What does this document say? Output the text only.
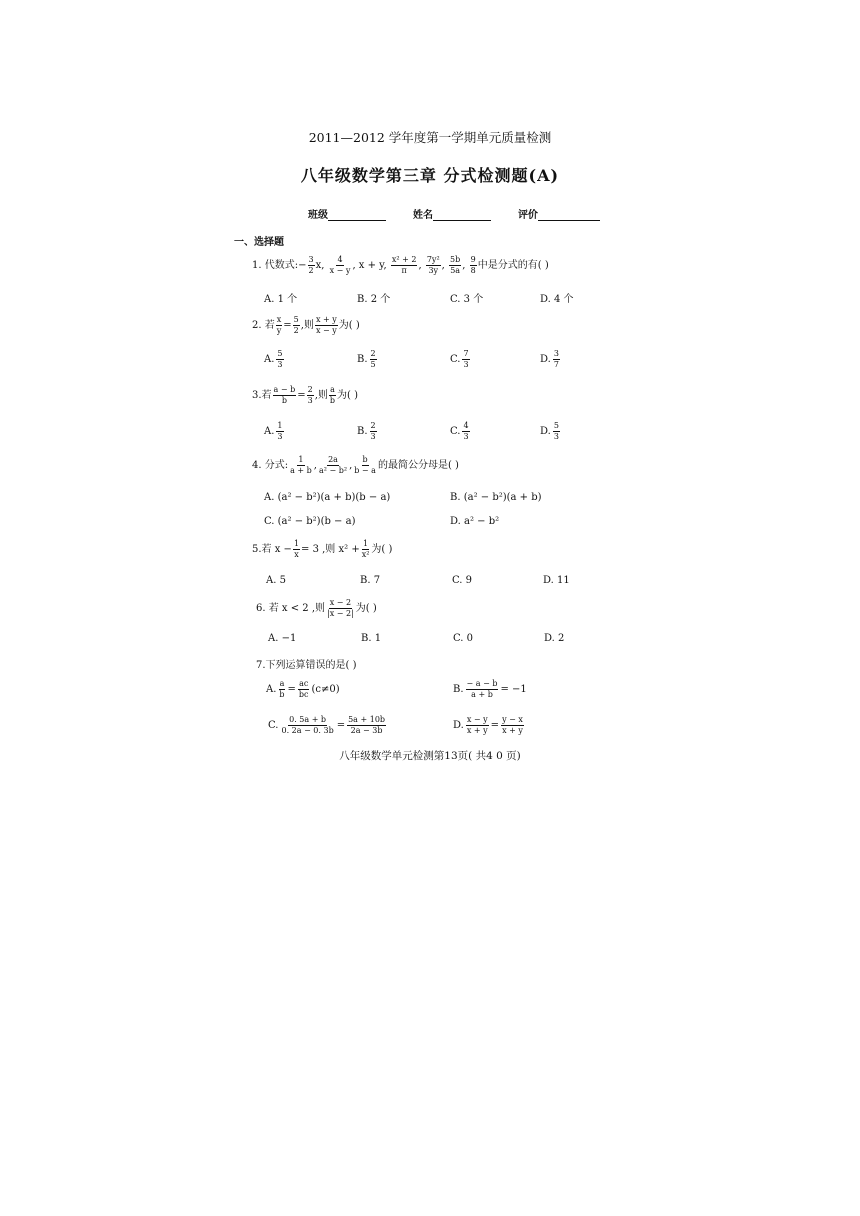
2011—2012 学年度第一学期单元质量检测
八年级数学第三章 分式检测题(A)
班级	姓名	评价
一、选择题
1. 代数式:− $\frac{3}{2} x$, $\frac{4}{x - y}$ , x + y, $\frac{\text{x² + 2}}{\pi}$ , $\frac{\text{7y²}}{3y}$ , $\frac{5b}{5a}$ , $\frac{9}{8}$ 中是分式的有( )
A. 1 个	B. 2 个	C. 3 个	D. 4 个
2. 若 $\frac{x}{y} = \frac{5}{2}$ ,则 $\frac{x + y}{x - y}$ 为( )
A. $\frac{5}{3}$	B. $\frac{2}{5}$	C. $\frac{7}{3}$	D. $\frac{3}{7}$
3.若 $\frac{a - b}{b} = \frac{2}{3}$ ,则 $\frac{a}{b}$ 为( )
A. $\frac{1}{3}$	B. $\frac{2}{3}$	C. $\frac{4}{3}$	D. $\frac{5}{3}$
4. 分式: $\frac{1}{a + b}$ , $\frac{2a}{\text{a² − b²}}$ , $\frac{b}{b - a}$ 的最简公分母是( )
A. (a² − b²)(a + b)(b − a)	B. (a² − b²)(a + b)
C. (a² − b²)(b − a)	D. a² − b²
5.若 $x - \frac{1}{x} = 3$ ,则 $x^2 + \frac{1}{\text{x²}}$ 为( )
A. 5	B. 7	C. 9	D. 11
6. 若 x < 2 ,则 $\frac{x - 2}{|x - 2|}$ 为( )
A. −1	B. 1	C. 0	D. 2
7.下列运算错误的是( )
A. $\frac{a}{b} = \frac{ac}{bc} (c\ne 0)$	B. $\frac{- a - b}{a + b} = -1$
C. $\frac{0. 5a + b}{0. 2a - 0. 3b} = \frac{5a + 10b}{2a - 3b}$	D. $\frac{x - y}{x + y} = \frac{y - x}{x + y}$
八年级数学单元检测第13页( 共4 0 页)
